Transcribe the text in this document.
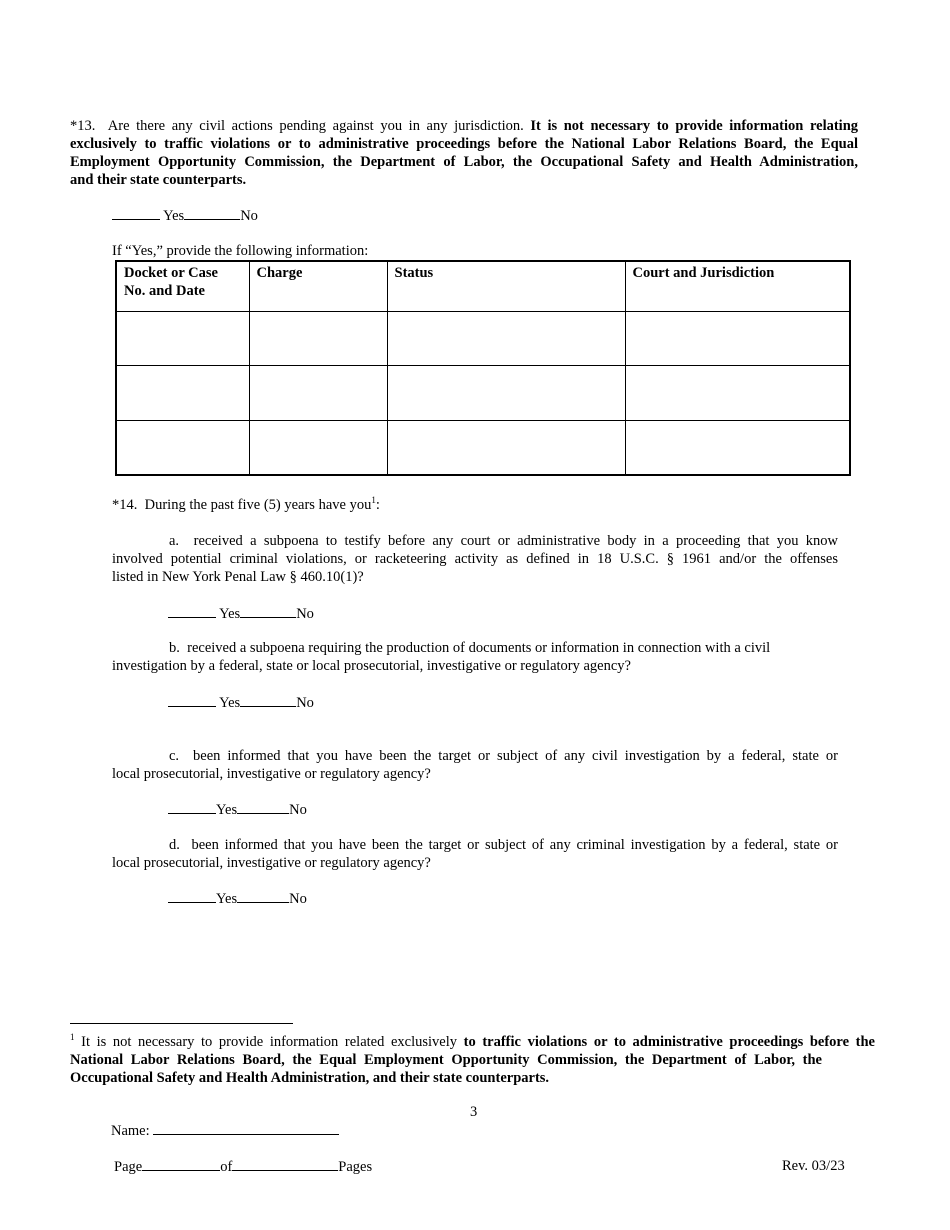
*13. Are there any civil actions pending against you in any jurisdiction. It is not necessary to provide information relating
exclusively to traffic violations or to administrative proceedings before the National Labor Relations Board, the Equal
Employment Opportunity Commission, the Department of Labor, the Occupational Safety and Health Administration,
and their state counterparts.
Yes	No
If “Yes,” provide the following information:
Docket or Case No. and Date	Charge	Status	Court and Jurisdiction

*14. During the past five (5) years have you$^1$:
a. received a subpoena to testify before any court or administrative body in a proceeding that you know
involved potential criminal violations, or racketeering activity as defined in 18 U.S.C. § 1961 and/or the offenses
listed in New York Penal Law § 460.10(1)?
Yes	No
b. received a subpoena requiring the production of documents or information in connection with a civil
investigation by a federal, state or local prosecutorial, investigative or regulatory agency?
Yes	No
c. been informed that you have been the target or subject of any civil investigation by a federal, state or
local prosecutorial, investigative or regulatory agency?
Yes	No
d. been informed that you have been the target or subject of any criminal investigation by a federal, state or
local prosecutorial, investigative or regulatory agency?
Yes	No
$^1$ It is not necessary to provide information related exclusively to traffic violations or to administrative proceedings before the
National Labor Relations Board, the Equal Employment Opportunity Commission, the Department of Labor, the
Occupational Safety and Health Administration, and their state counterparts.
3
Name:
Page	of	Pages	Rev. 03/23
